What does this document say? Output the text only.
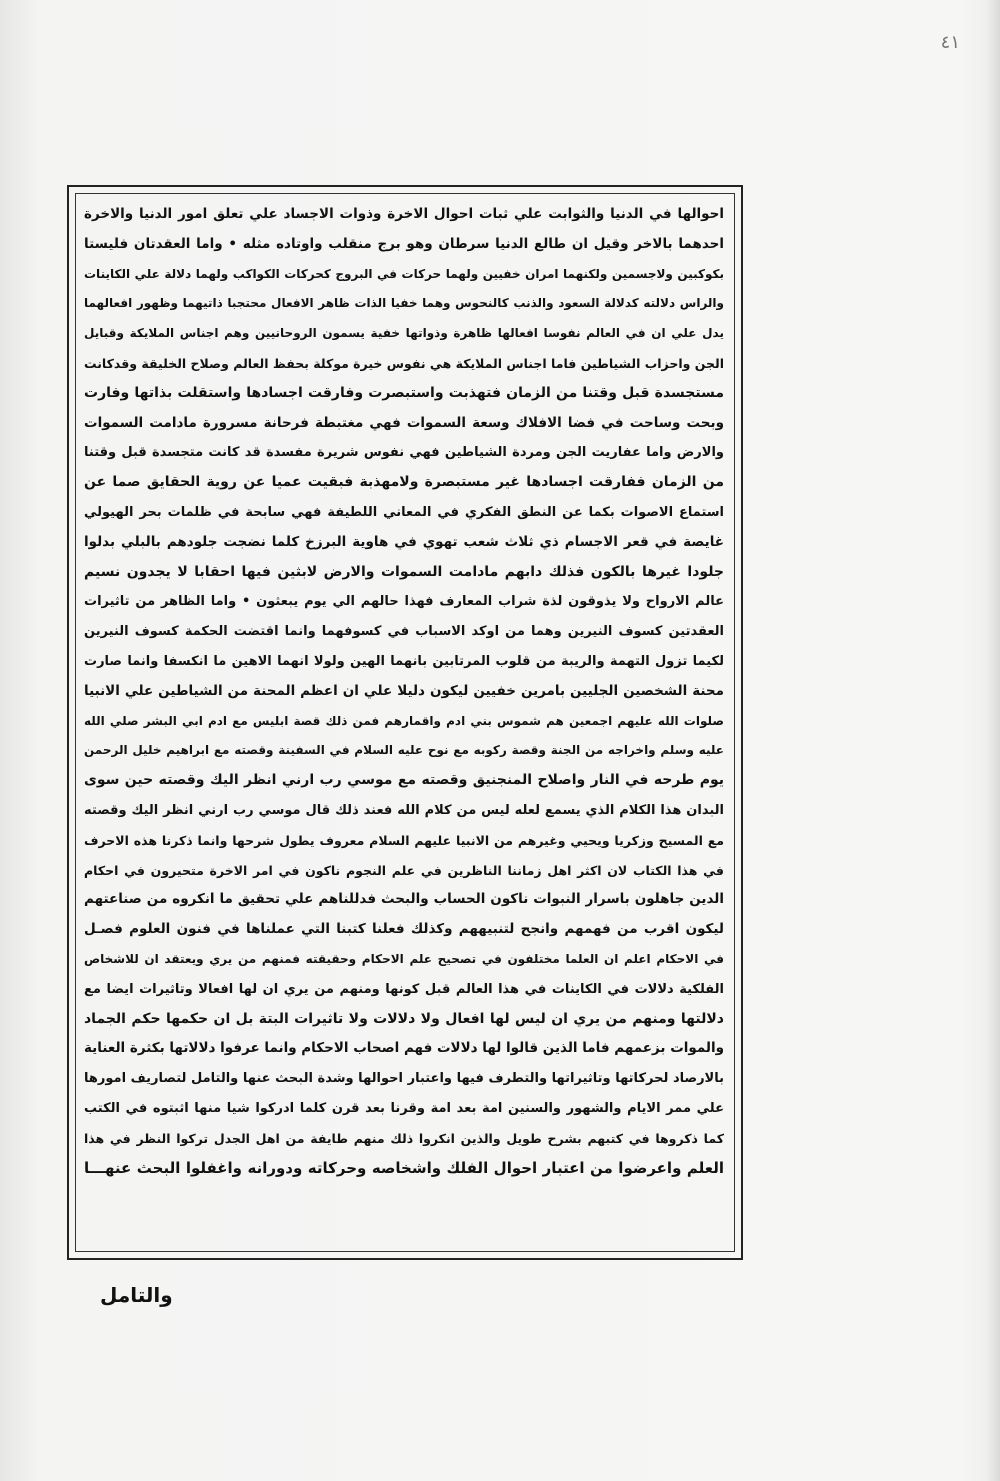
٤١
احوالها في الدنيا والثوابت علي ثبات احوال الاخرة وذوات الاجساد علي تعلق امور الدنيا والاخرة
احدهما بالاخر وقيل ان طالع الدنيا سرطان وهو برج منقلب واوتاده مثله • واما العقدتان فليستا
بكوكبين ولاجسمين ولكنهما امران خفيين ولهما حركات في البروج كحركات الكواكب ولهما دلالة علي الكاينات
والراس دلالته كدلالة السعود والذنب كالنحوس وهما خفيا الذات ظاهر الافعال محتجبا ذاتيهما وظهور افعالهما
يدل علي ان في العالم نفوسا افعالها ظاهرة وذواتها خفية يسمون الروحانيين وهم اجناس الملايكة وقبايل
الجن واحزاب الشياطين فاما اجناس الملايكة هي نفوس خيرة موكلة بحفظ العالم وصلاح الخليقة وقدكانت
مستجسدة قبل وقتنا من الزمان فتهذبت واستبصرت وفارقت اجسادها واستقلت بذاتها وفارت
وبحت وساحت في فضا الافلاك وسعة السموات فهي مغتبطة فرحانة مسرورة مادامت السموات
والارض واما عفاريت الجن ومردة الشياطين فهي نفوس شريرة مفسدة قد كانت متجسدة قبل وقتنا
من الزمان ففارقت اجسادها غير مستبصرة ولامهذبة فبقيت عميا عن روية الحقايق صما عن
استماع الاصوات بكما عن النطق الفكري في المعاني اللطيفة فهي سابحة في ظلمات بحر الهيولي
غايصة في قعر الاجسام ذي ثلاث شعب تهوي في هاوية البرزخ كلما نضجت جلودهم بالبلي بدلوا
جلودا غيرها بالكون فذلك دابهم مادامت السموات والارض لابثين فيها احقابا لا يجدون نسيم
عالم الارواح ولا يذوقون لذة شراب المعارف فهذا حالهم الي يوم يبعثون • واما الظاهر من تاثيرات
العقدتين كسوف النيرين وهما من اوكد الاسباب في كسوفهما وانما اقتضت الحكمة كسوف النيرين
لكيما تزول التهمة والريبة من قلوب المرتابين بانهما الهين ولولا انهما الاهين ما انكسفا وانما صارت
محنة الشخصين الجليين بامرين خفيين ليكون دليلا علي ان اعظم المحنة من الشياطين علي الانبيا
صلوات الله عليهم اجمعين هم شموس بني ادم واقمارهم فمن ذلك قصة ابليس مع ادم ابي البشر صلي الله
عليه وسلم واخراجه من الجنة وقصة ركوبه مع نوح عليه السلام في السفينة وقصته مع ابراهيم خليل الرحمن
يوم طرحه في النار واصلاح المنجنيق وقصته مع موسي رب ارني انظر اليك وقصته حين سوى
البدان هذا الكلام الذي يسمع لعله ليس من كلام الله فعند ذلك قال موسي رب ارني انظر اليك وقصته
مع المسيح وزكريا ويحيي وغيرهم من الانبيا عليهم السلام معروف يطول شرحها وانما ذكرنا هذه الاحرف
في هذا الكتاب لان اكثر اهل زماننا الناظرين في علم النجوم ناكون في امر الاخرة متحيرون في احكام
الدين جاهلون باسرار النبوات ناكون الحساب والبحث فدللناهم علي تحقيق ما انكروه من صناعتهم
ليكون اقرب من فهمهم وانجح لتنبيههم وكذلك فعلنا كتبنا التي عملناها في فنون العلوم فصـل
في الاحكام اعلم ان العلما مختلفون في تصحيح علم الاحكام وحقيقته فمنهم من يري ويعتقد ان للاشخاص
الفلكية دلالات في الكاينات في هذا العالم قبل كونها ومنهم من يري ان لها افعالا وتاثيرات ايضا مع
دلالتها ومنهم من يري ان ليس لها افعال ولا دلالات ولا تاثيرات البتة بل ان حكمها حكم الجماد
والموات بزعمهم فاما الذين قالوا لها دلالات فهم اصحاب الاحكام وانما عرفوا دلالاتها بكثرة العناية
بالارصاد لحركاتها وتاثيراتها والتطرف فيها واعتبار احوالها وشدة البحث عنها والتامل لتصاريف امورها
علي ممر الايام والشهور والسنين امة بعد امة وقرنا بعد قرن كلما ادركوا شيا منها اثبتوه في الكتب
كما ذكروها في كتبهم بشرح طويل والذين انكروا ذلك منهم طايفة من اهل الجدل تركوا النظر في هذا
العلم واعرضوا من اعتبار احوال الفلك واشخاصه وحركاته ودورانه واغفلوا البحث عنهـــا
والتامل
